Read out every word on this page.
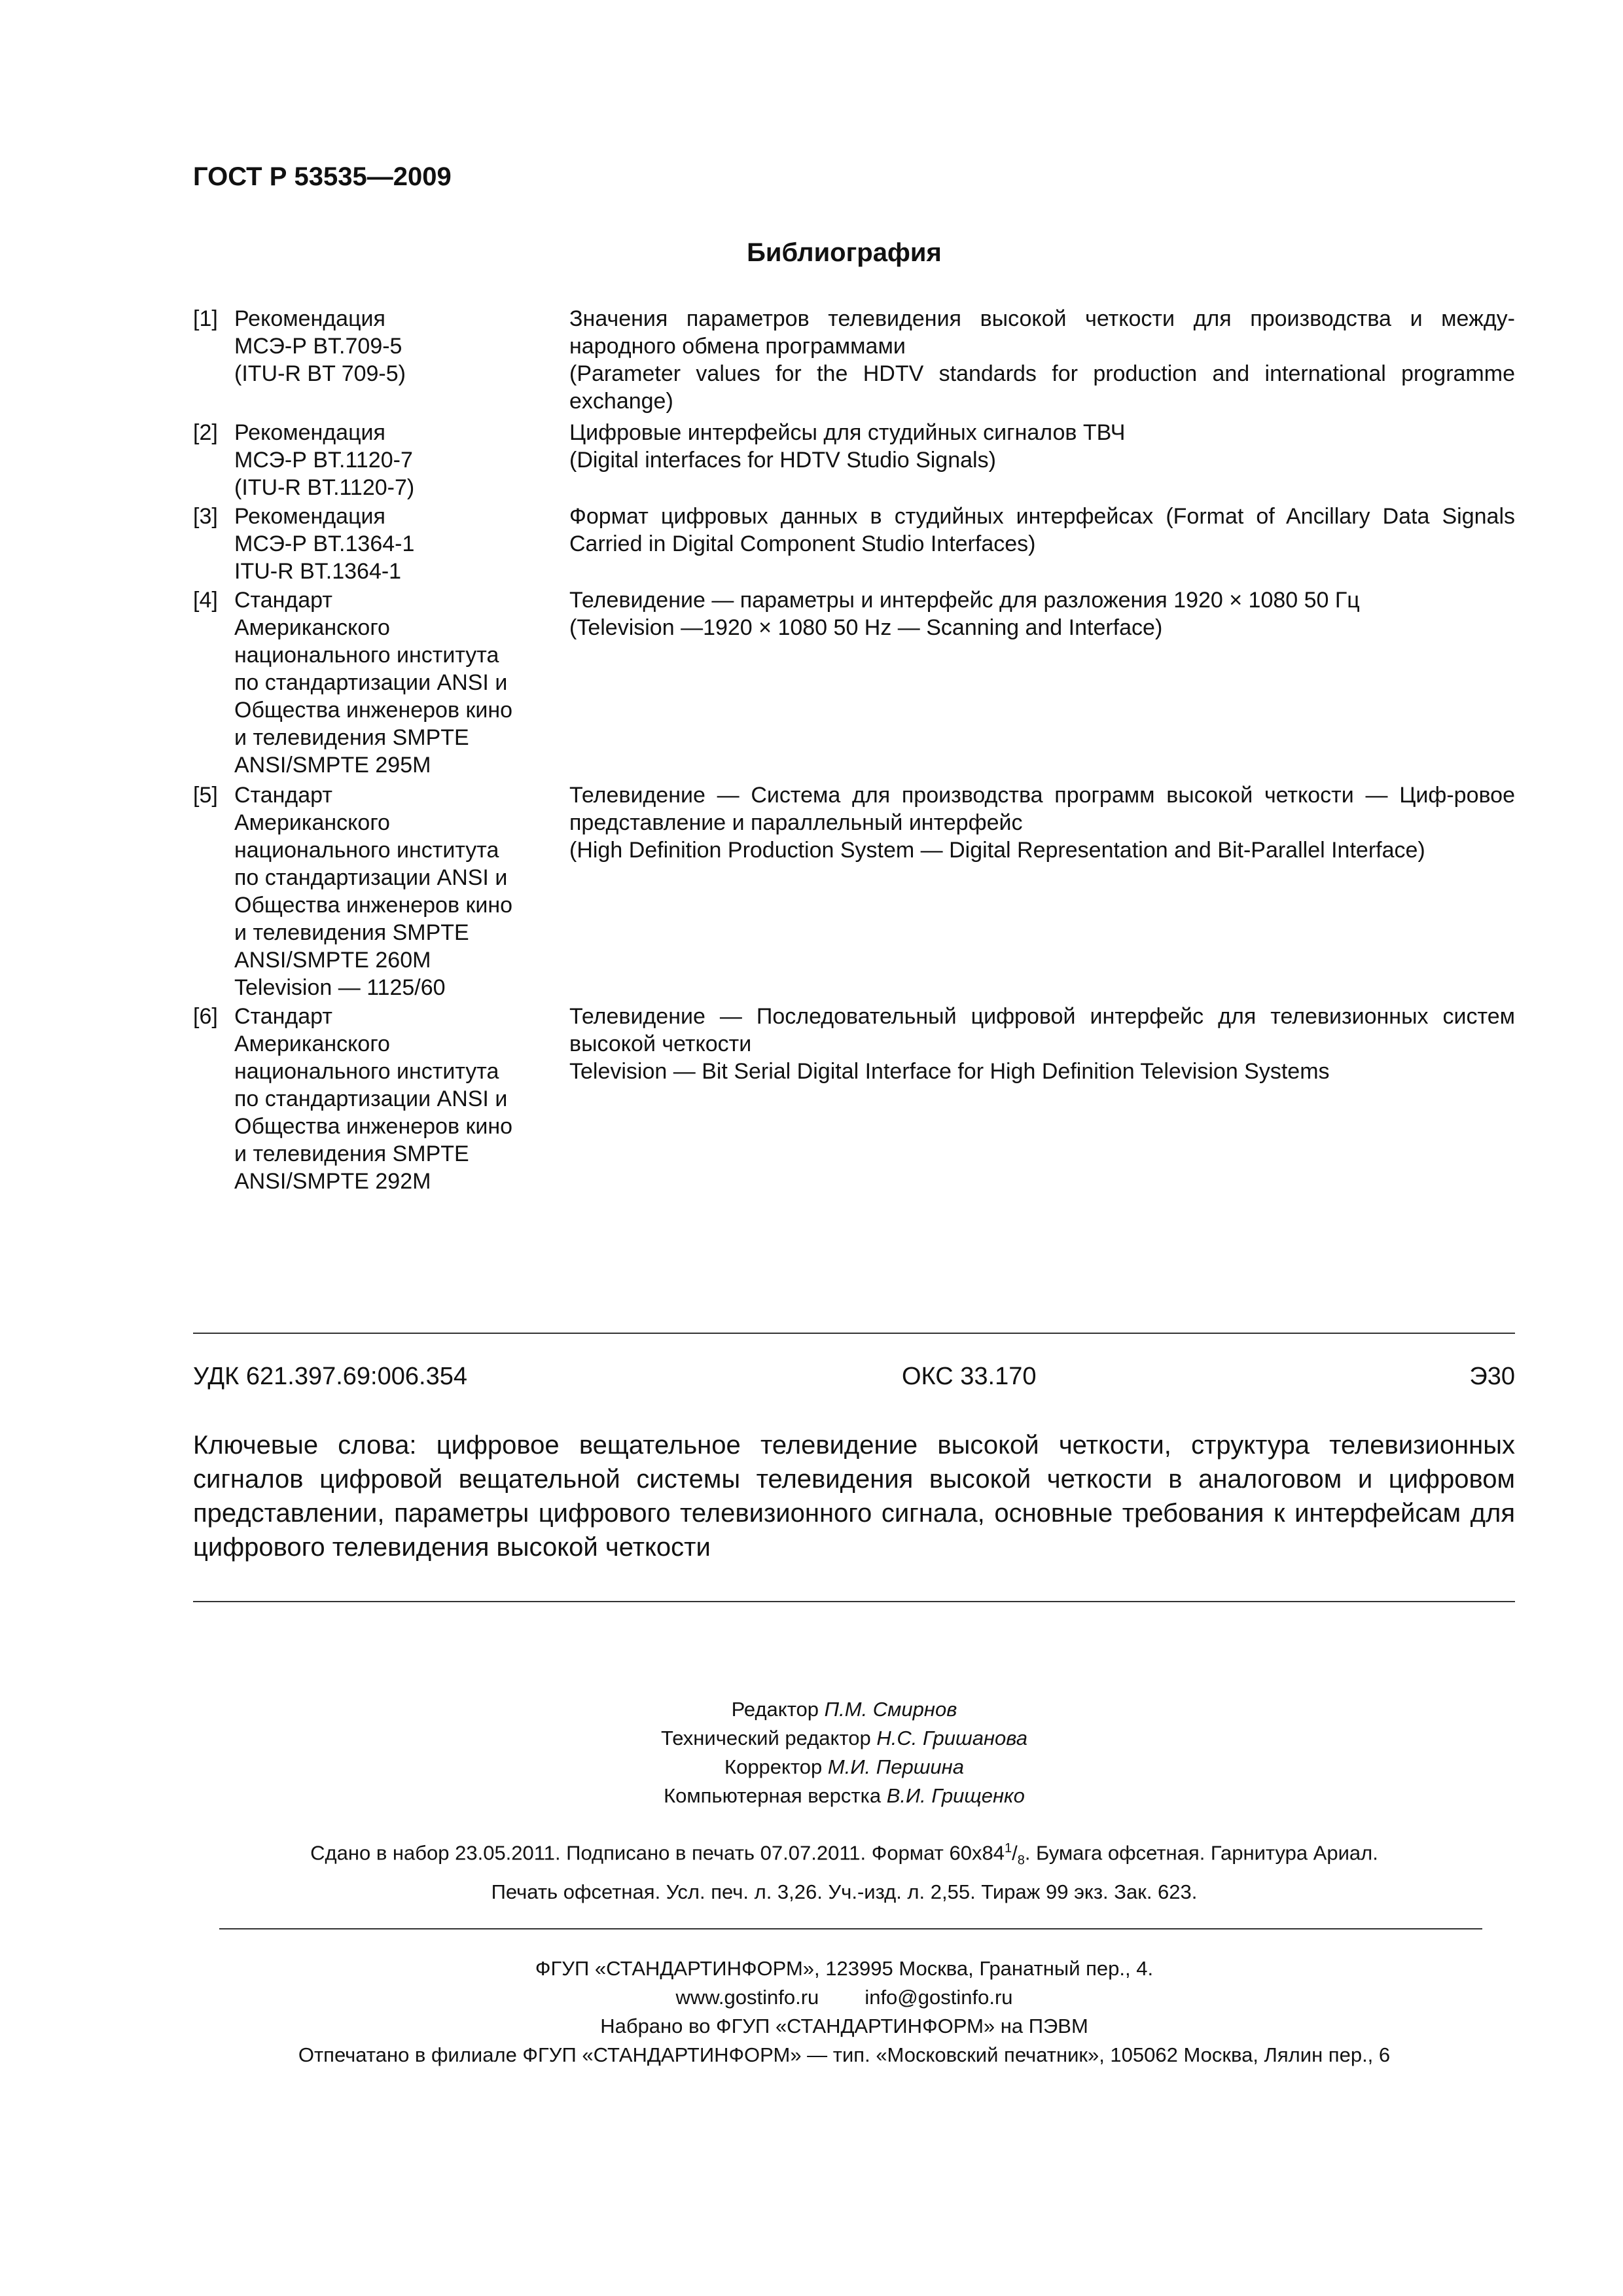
ГОСТ Р 53535—2009
Библиография
[1] Рекомендация
МСЭ-Р BT.709-5
(ITU-R BT 709-5)
Значения параметров телевидения высокой четкости для производства и между-народного обмена программами
(Parameter values for the HDTV standards for production and international programme exchange)
[2] Рекомендация
МСЭ-Р BT.1120-7
(ITU-R BT.1120-7)
Цифровые интерфейсы для студийных сигналов ТВЧ
(Digital interfaces for HDTV Studio Signals)
[3] Рекомендация
МСЭ-Р BT.1364-1
ITU-R BT.1364-1
Формат цифровых данных в студийных интерфейсах (Format of Ancillary Data Signals Carried in Digital Component Studio Interfaces)
[4] Стандарт
Американского
национального института
по стандартизации ANSI и
Общества инженеров кино
и телевидения SMPTE
ANSI/SMPTE 295M
Телевидение — параметры и интерфейс для разложения 1920 × 1080 50 Гц
(Television —1920 × 1080 50 Hz — Scanning and Interface)
[5] Стандарт
Американского
национального института
по стандартизации ANSI и
Общества инженеров кино
и телевидения SMPTE
ANSI/SMPTE 260M
Television — 1125/60
Телевидение — Система для производства программ высокой четкости — Циф-ровое представление и параллельный интерфейс
(High Definition Production System — Digital Representation and Bit-Parallel Interface)
[6] Стандарт
Американского
национального института
по стандартизации ANSI и
Общества инженеров кино
и телевидения SMPTE
ANSI/SMPTE 292M
Телевидение — Последовательный цифровой интерфейс для телевизионных систем высокой четкости
Television — Bit Serial Digital Interface for High Definition Television Systems
УДК 621.397.69:006.354	ОКС 33.170	Э30
Ключевые слова: цифровое вещательное телевидение высокой четкости, структура телевизионных сигналов цифровой вещательной системы телевидения высокой четкости в аналоговом и цифровом представлении, параметры цифрового телевизионного сигнала, основные требования к интерфейсам для цифрового телевидения высокой четкости
Редактор П.М. Смирнов
Технический редактор Н.С. Гришанова
Корректор М.И. Першина
Компьютерная верстка В.И. Грищенко
Сдано в набор 23.05.2011. Подписано в печать 07.07.2011. Формат $60х84^1/_8$. Бумага офсетная. Гарнитура Ариал.
Печать офсетная. Усл. печ. л. 3,26. Уч.-изд. л. 2,55. Тираж 99 экз. Зак. 623.
ФГУП «СТАНДАРТИНФОРМ», 123995 Москва, Гранатный пер., 4.
www.gostinfo.ru info@gostinfo.ru
Набрано во ФГУП «СТАНДАРТИНФОРМ» на ПЭВМ
Отпечатано в филиале ФГУП «СТАНДАРТИНФОРМ» — тип. «Московский печатник», 105062 Москва, Лялин пер., 6
